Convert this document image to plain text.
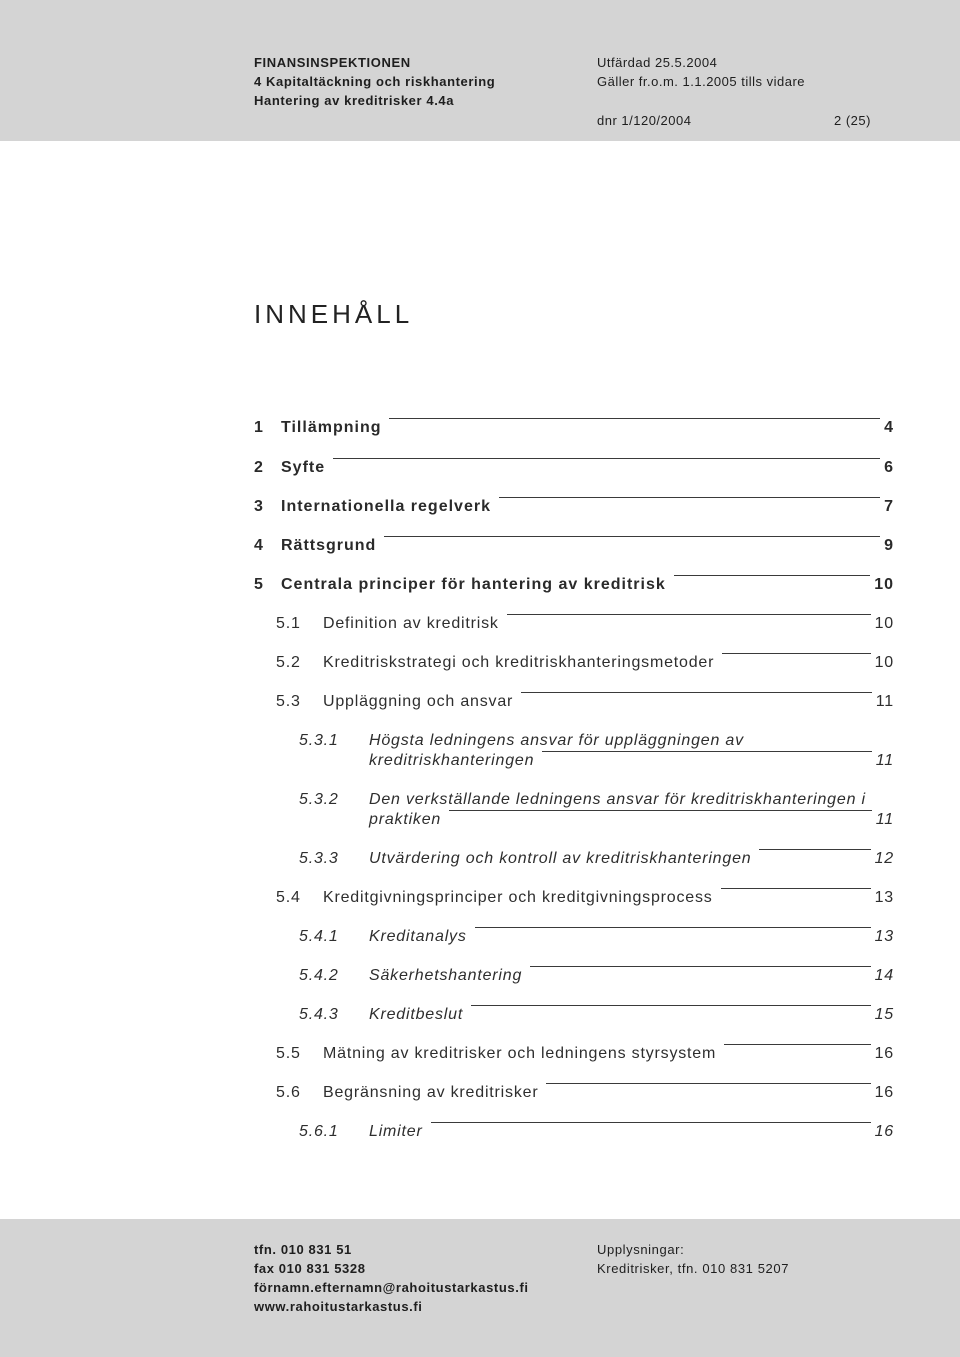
FINANSINSPEKTIONEN
4 Kapitaltäckning och riskhantering
Hantering av kreditrisker 4.4a
Utfärdad 25.5.2004
Gäller fr.o.m. 1.1.2005 tills vidare
dnr 1/120/2004	2 (25)
INNEHÅLL
1 Tillämpning	4
2 Syfte	6
3 Internationella regelverk	7
4 Rättsgrund	9
5 Centrala principer för hantering av kreditrisk	10
5.1 Definition av kreditrisk	10
5.2 Kreditriskstrategi och kreditriskhanteringsmetoder	10
5.3 Uppläggning och ansvar	11
5.3.1 Högsta ledningens ansvar för uppläggningen av
kreditriskhanteringen	11
5.3.2 Den verkställande ledningens ansvar för kreditriskhanteringen i
praktiken	11
5.3.3 Utvärdering och kontroll av kreditriskhanteringen	12
5.4 Kreditgivningsprinciper och kreditgivningsprocess	13
5.4.1 Kreditanalys	13
5.4.2 Säkerhetshantering	14
5.4.3 Kreditbeslut	15
5.5 Mätning av kreditrisker och ledningens styrsystem	16
5.6 Begränsning av kreditrisker	16
5.6.1 Limiter	16
tfn. 010 831 51
fax 010 831 5328
förnamn.efternamn@rahoitustarkastus.fi
www.rahoitustarkastus.fi
Upplysningar:
Kreditrisker, tfn. 010 831 5207
